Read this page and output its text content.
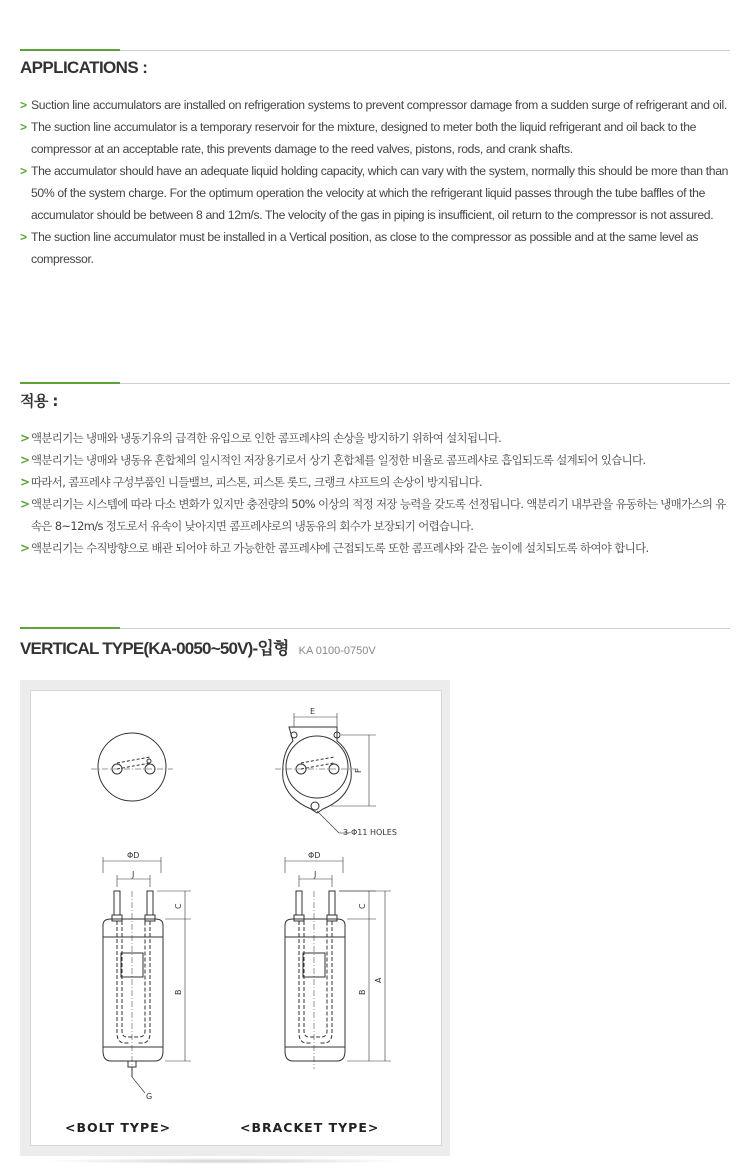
APPLICATIONS :
> Suction line accumulators are installed on refrigeration systems to prevent compressor damage from a sudden surge of refrigerant and oil.
> The suction line accumulator is a temporary reservoir for the mixture, designed to meter both the liquid refrigerant and oil back to the compressor at an acceptable rate, this prevents damage to the reed valves, pistons, rods, and crank shafts.
> The accumulator should have an adequate liquid holding capacity, which can vary with the system, normally this should be more than than 50% of the system charge. For the optimum operation the velocity at which the refrigerant liquid passes through the tube baffles of the accumulator should be between 8 and 12m/s. The velocity of the gas in piping is insufficient, oil return to the compressor is not assured.
> The suction line accumulator must be installed in a Vertical position, as close to the compressor as possible and at the same level as compressor.
적용 :
> 액분리기는 냉매와 냉동기유의 급격한 유입으로 인한 콤프레샤의 손상을 방지하기 위하여 설치됩니다.
> 액분리기는 냉매와 냉동유 혼합체의 일시적인 저장용기로서 상기 혼합체를 일정한 비율로 콤프레샤로 흡입되도록 설계되어 있습니다.
> 따라서, 콤프레샤 구성부품인 니들밸브, 피스톤, 피스톤 롯드, 크랭크 샤프트의 손상이 방지됩니다.
> 액분리기는 시스템에 따라 다소 변화가 있지만 충전량의 50% 이상의 적정 저장 능력을 갖도록 선정됩니다. 액분리기 내부관을 유동하는 냉매가스의 유속은 8~12m/s 정도로서 유속이 낮아지면 콤프레샤로의 냉동유의 회수가 보장되기 어렵습니다.
> 액분리기는 수직방향으로 배관 되어야 하고 가능한한 콤프레샤에 근접되도록 또한 콤프레샤와 같은 높이에 설치되도록 하여야 합니다.
VERTICAL TYPE(KA-0050~50V)-입형 KA 0100-0750V
E
F
3-Φ11 HOLES
ΦD
J
G
C
B
ΦD
J
C
B
A
<BOLT TYPE>	<BRACKET TYPE>
